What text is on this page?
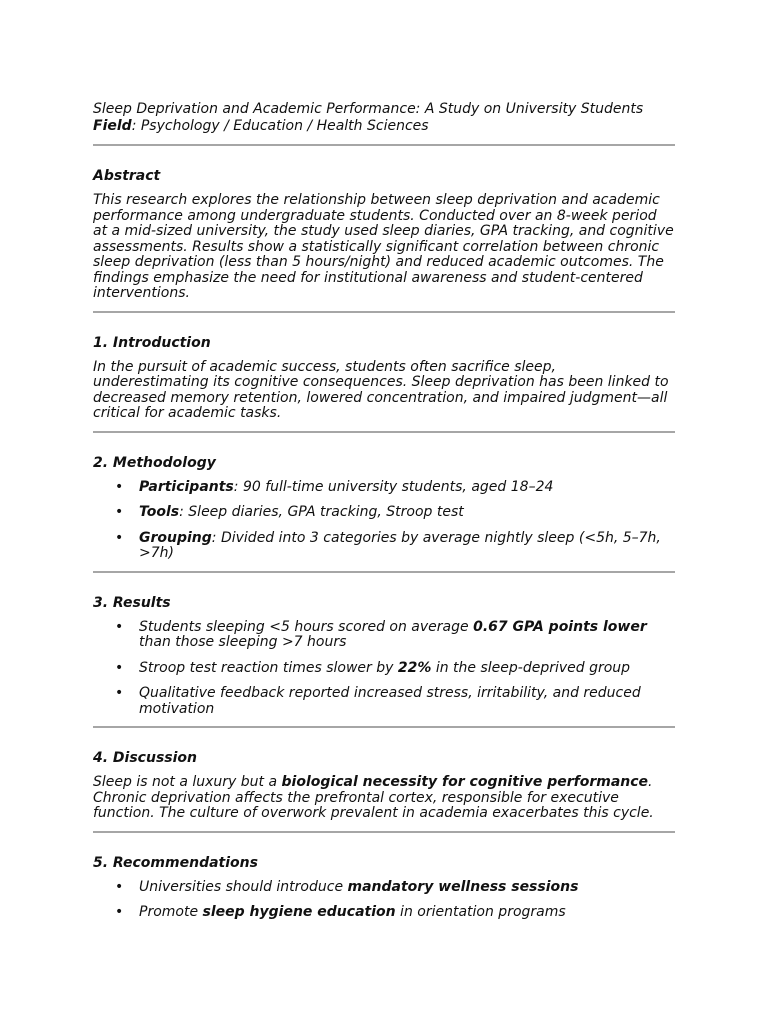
Sleep Deprivation and Academic Performance: A Study on University Students

Field: Psychology / Education / Health Sciences

Abstract

This research explores the relationship between sleep deprivation and academic performance among undergraduate students. Conducted over an 8-week period at a mid-sized university, the study used sleep diaries, GPA tracking, and cognitive assessments. Results show a statistically significant correlation between chronic sleep deprivation (less than 5 hours/night) and reduced academic outcomes. The findings emphasize the need for institutional awareness and student-centered interventions.

1. Introduction

In the pursuit of academic success, students often sacrifice sleep, underestimating its cognitive consequences. Sleep deprivation has been linked to decreased memory retention, lowered concentration, and impaired judgment—all critical for academic tasks.

2. Methodology
• Participants: 90 full-time university students, aged 18–24
• Tools: Sleep diaries, GPA tracking, Stroop test
• Grouping: Divided into 3 categories by average nightly sleep (<5h, 5–7h, >7h)
3. Results
• Students sleeping <5 hours scored on average 0.67 GPA points lower than those sleeping >7 hours
• Stroop test reaction times slower by 22% in the sleep-deprived group
• Qualitative feedback reported increased stress, irritability, and reduced motivation
4. Discussion

Sleep is not a luxury but a biological necessity for cognitive performance. Chronic deprivation affects the prefrontal cortex, responsible for executive function. The culture of overwork prevalent in academia exacerbates this cycle.

5. Recommendations
• Universities should introduce mandatory wellness sessions
• Promote sleep hygiene education in orientation programs
